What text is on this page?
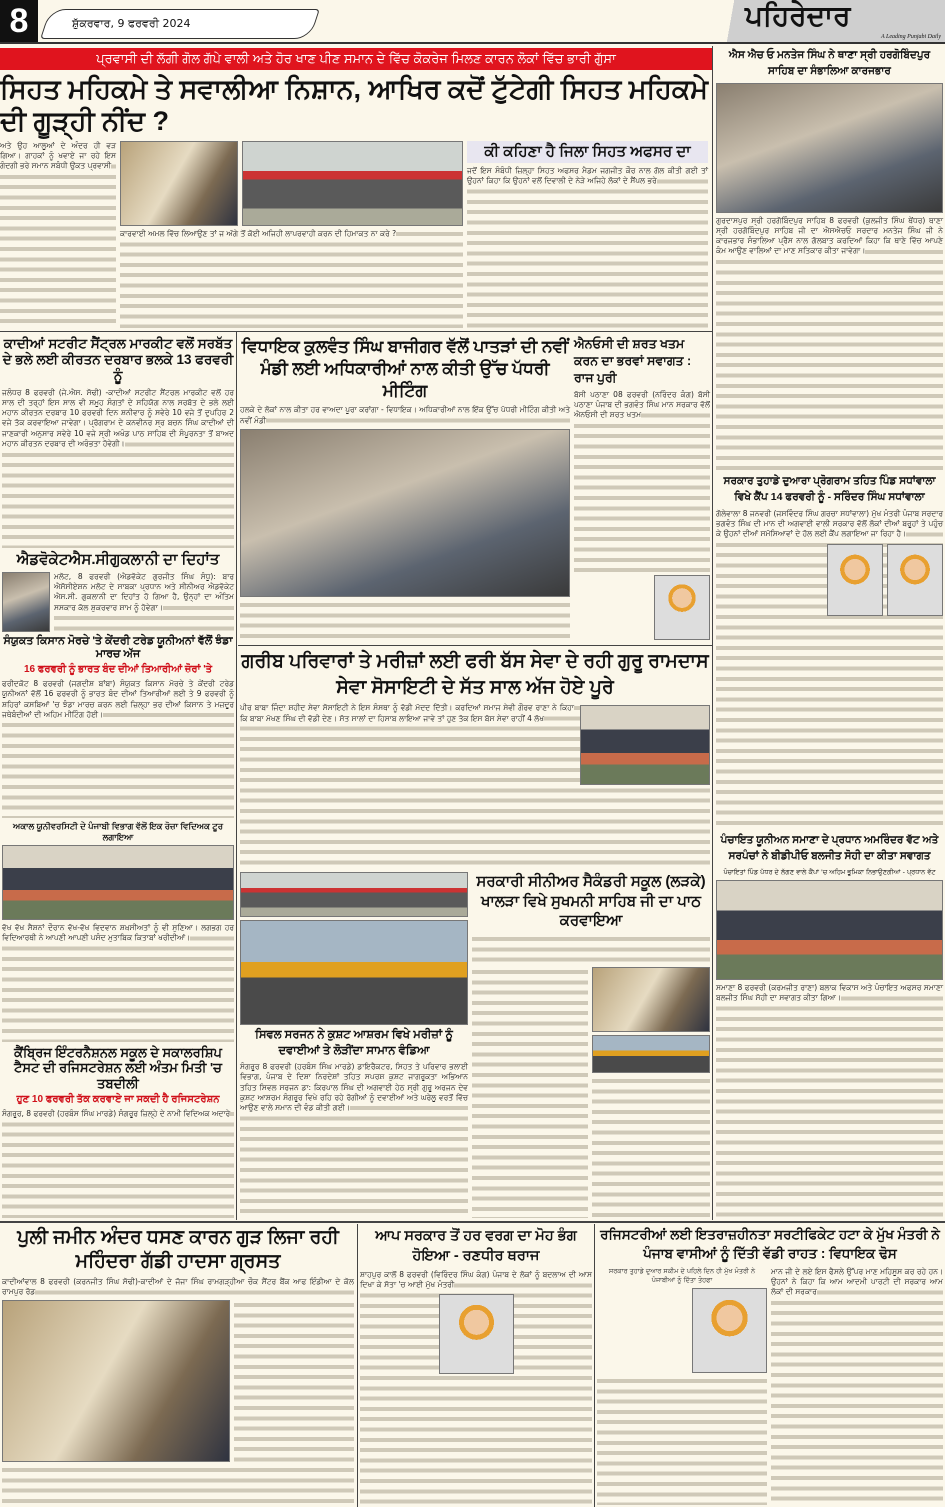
8	ਸ਼ੁੱਕਰਵਾਰ, 9 ਫਰਵਰੀ 2024	ਪਹਿਰੇਦਾਰ
A Leading Punjabi Daily
ਪ੍ਰਵਾਸੀ ਦੀ ਲੱਗੀ ਗੋਲ ਗੱਪੇ ਵਾਲੀ ਅਤੇ ਹੋਰ ਖਾਣ ਪੀਣ ਸਮਾਨ ਦੇ ਵਿੱਚ ਕੋਕਰੇਜ ਮਿਲਣ ਕਾਰਨ ਲੋਕਾਂ ਵਿੱਚ ਭਾਰੀ ਗੁੱਸਾ
ਸਿਹਤ ਮਹਿਕਮੇ ਤੇ ਸਵਾਲੀਆ ਨਿਸ਼ਾਨ, ਆਖਿਰ ਕਦੋਂ ਟੁੱਟੇਗੀ ਸਿਹਤ ਮਹਿਕਮੇ ਦੀ ਗੂੜ੍ਹੀ ਨੀਂਦ ?
ਅਤੇ ਉਹ ਆਲੂਆਂ ਦੇ ਅੰਦਰ ਹੀ ਵੜ ਗਿਆ। ਗਾਹਕਾਂ ਨੂੰ ਖਵਾਏ ਜਾ ਰਹੇ ਇਸ ਗੰਦਗੀ ਭਰੇ ਸਮਾਨ ਸਬੰਧੀ ਉਕਤ ਪ੍ਰਵਾਸੀ
ਕਾਰਵਾਈ ਅਮਲ ਵਿੱਚ ਲਿਆਉਣ ਤਾਂ ਜ ਅੱਗੇ ਤੋਂ ਕੋਈ ਅਜਿਹੀ ਲਾਪਰਵਾਹੀ ਕਰਨ ਦੀ ਹਿਮਾਕਤ ਨਾ ਕਰੇ ?
ਕੀ ਕਹਿਣਾ ਹੈ ਜਿਲਾ ਸਿਹਤ ਅਫਸਰ ਦਾ
ਜਦੋਂ ਇਸ ਸੰਬੰਧੀ ਜ਼ਿਲ੍ਹਾ ਸਿਹਤ ਅਫਸਰ ਮੈਡਮ ਜਗਜੀਤ ਕੌਰ ਨਾਲ ਗੱਲ ਕੀਤੀ ਗਈ ਤਾਂ ਉਹਨਾਂ ਕਿਹਾ ਕਿ ਉਹਨਾਂ ਵਲੋਂ ਦਿਵਾਲੀ ਦੇ ਨੇੜੇ ਅਜਿਹੇ ਲੋਕਾਂ ਦੇ ਸੈਂਪਲ ਭਰੇ
ਕਾਦੀਆਂ ਸਟਰੀਟ ਸੈਂਟ੍ਰਲ ਮਾਰਕੀਟ ਵਲੋਂ ਸਰਬੱਤ ਦੇ ਭਲੇ ਲਈ ਕੀਰਤਨ ਦਰਬਾਰ ਭਲਕੇ 13 ਫਰਵਰੀ ਨੂੰ
ਜਲੰਧਰ 8 ਫਰਵਰੀ (ਜੇ.ਐਸ. ਸੋਢੀ) -ਕਾਦੀਆਂ ਸਟਰੀਟ ਸੈਂਟਰਲ ਮਾਰਕੀਟ ਵਲੋਂ ਹਰ ਸਾਲ ਦੀ ਤਰ੍ਹਾਂ ਇਸ ਸਾਲ ਵੀ ਸਮੂਹ ਸੰਗਤਾਂ ਦੇ ਸਹਿਯੋਗ ਨਾਲ ਸਰਬੱਤ ਦੇ ਭਲੇ ਲਈ ਮਹਾਨ ਕੀਰਤਨ ਦਰਬਾਰ 10 ਫਰਵਰੀ ਦਿਨ ਸ਼ਨੀਵਾਰ ਨੂੰ ਸਵੇਰੇ 10 ਵਜੇ ਤੋਂ ਦੁਪਹਿਰ 2 ਵਜੇ ਤੱਕ ਕਰਵਾਇਆ ਜਾਵੇਗਾ। ਪ੍ਰੋਗਰਾਮ ਦੇ ਕਨਵੀਨਰ ਸ੍ਰ ਬਚਨ ਸਿੰਘ ਕਾਦੀਆਂ ਦੀ ਜਾਣਕਾਰੀ ਅਨੁਸਾਰ ਸਵੇਰੇ 10 ਵਜੇ ਸ੍ਰੀ ਅਖੰਡ ਪਾਠ ਸਾਹਿਬ ਦੀ ਸੰਪੂਰਨਤਾ ਤੋਂ ਬਾਅਦ ਮਹਾਨ ਕੀਰਤਨ ਦਰਬਾਰ ਦੀ ਅਰੰਭਤਾ ਹੋਵੇਗੀ।
ਐਡਵੋਕੇਟਐਸ.ਸੀਗੁਕਲਾਨੀ ਦਾ ਦਿਹਾਂਤ
ਮਲੋਟ, 8 ਫਰਵਰੀ (ਐਡਵੋਕੇਟ ਗੁਰਜੀਤ ਸਿੰਘ ਸੰਧੂ): ਬਾਰ ਐਸੋਸੀਏਸ਼ਨ ਮਲੋਟ ਦੇ ਸਾਬਕਾ ਪ੍ਰਧਾਨ ਅਤੇ ਸੀਨੀਅਰ ਐਡਵੋਕੇਟ ਐਸ.ਸੀ. ਗੁਕਲਾਨੀ ਦਾ ਦਿਹਾਂਤ ਹੋ ਗਿਆ ਹੈ, ਉਨ੍ਹਾਂ ਦਾ ਅੰਤਿਮ ਸਸਕਾਰ ਕੱਲ ਸ਼ੁਕਰਵਾਰ ਸ਼ਾਮ ਨੂੰ ਹੋਵੇਗਾ।
ਸੰਯੁਕਤ ਕਿਸਾਨ ਮੋਰਚੇ 'ਤੇ ਕੇਂਦਰੀ ਟਰੇਡ ਯੂਨੀਅਨਾਂ ਵੱਲੋਂ ਝੰਡਾ ਮਾਰਚ ਅੱਜ
16 ਫਰਵਰੀ ਨੂੰ ਭਾਰਤ ਬੰਦ ਦੀਆਂ ਤਿਆਰੀਆਂ ਜ਼ੋਰਾਂ 'ਤੇ
ਫਰੀਦਕੋਟ 8 ਫਰਵਰੀ (ਜਗਦੀਸ਼ ਬਾਂਬਾ) ਸੰਯੁਕਤ ਕਿਸਾਨ ਮੋਰਚੇ ਤੇ ਕੇਂਦਰੀ ਟਰੇਡ ਯੂਨੀਅਨਾਂ ਵੱਲੋਂ 16 ਫਰਵਰੀ ਨੂੰ ਭਾਰਤ ਬੰਦ ਦੀਆਂ ਤਿਆਰੀਆਂ ਲਈ ਤੇ 9 ਫਰਵਰੀ ਨੂੰ ਸ਼ਹਿਰਾਂ ਕਸਬਿਆਂ 'ਚ ਝੰਡਾ ਮਾਰਚ ਕਰਨ ਲਈ ਜ਼ਿਲ੍ਹਾ ਭਰ ਦੀਆਂ ਕਿਸਾਨ ਤੇ ਮਜ਼ਦੂਰ ਜਥੇਬੰਦੀਆਂ ਦੀ ਅਹਿਮ ਮੀਟਿੰਗ ਹੋਈ।
ਅਕਾਲ ਯੂਨੀਵਰਸਿਟੀ ਦੇ ਪੰਜਾਬੀ ਵਿਭਾਗ ਵੱਲੋਂ ਇਕ ਰੋਜ਼ਾ ਵਿਦਿਅਕ ਟੂਰ ਲਗਾਇਆ
ਵੱਖ ਵੱਖ ਸੈਸ਼ਨਾਂ ਦੌਰਾਨ ਵੱਖ-ਵੱਖ ਵਿਦਵਾਨ ਸ਼ਖ਼ਸੀਅਤਾਂ ਨੂੰ ਵੀ ਸੁਣਿਆ। ਲਗਭਗ ਹਰ ਵਿਦਿਆਰਥੀ ਨੇ ਆਪਣੀ ਆਪਣੀ ਪਸੰਦ ਮੁਤਾਬਿਕ ਕਿਤਾਬਾਂ ਖਰੀਦੀਆਂ।
ਕੈਂਬ੍ਰਿਜ ਇੰਟਰਨੈਸ਼ਨਲ ਸਕੂਲ ਦੇ ਸਕਾਲਰਸ਼ਿਪ ਟੈਸਟ ਦੀ ਰਜਿਸਟਰੇਸ਼ਨ ਲਈ ਅੰਤਮ ਮਿਤੀ 'ਚ ਤਬਦੀਲੀ
ਹੁਣ 10 ਫਰਵਰੀ ਤੱਕ ਕਰਵਾਏ ਜਾ ਸਕਦੀ ਹੈ ਰਜਿਸਟਰੇਸ਼ਨ
ਸੰਗਰੂਰ, 8 ਫਰਵਰੀ (ਹਰਬੰਸ ਸਿੰਘ ਮਾਰਡੇ) ਸੰਗਰੂਰ ਜ਼ਿਲ੍ਹੇ ਦੇ ਨਾਮੀ ਵਿਦਿਅਕ ਅਦਾਰੇ
ਵਿਧਾਇਕ ਕੁਲਵੰਤ ਸਿੰਘ ਬਾਜੀਗਰ ਵੱਲੋਂ ਪਾਤੜਾਂ ਦੀ ਨਵੀਂ ਮੰਡੀ ਲਈ ਅਧਿਕਾਰੀਆਂ ਨਾਲ ਕੀਤੀ ਉੱਚ ਪੱਧਰੀ ਮੀਟਿੰਗ
ਹਲਕੇ ਦੇ ਲੋਕਾਂ ਨਾਲ ਕੀਤਾ ਹਰ ਵਾਅਦਾ ਪੂਰਾ ਕਰਾਂਗਾ - ਵਿਧਾਇਕ। ਅਧਿਕਾਰੀਆਂ ਨਾਲ ਇੱਕ ਉੱਚ ਪੱਧਰੀ ਮੀਟਿੰਗ ਕੀਤੀ ਅਤੇ ਨਵੀਂ ਮੰਡੀ
ਐਨਓਸੀ ਦੀ ਸ਼ਰਤ ਖਤਮ ਕਰਨ ਦਾ ਭਰਵਾਂ ਸਵਾਗਤ : ਰਾਜ ਪੁਰੀ
ਬੱਸੀ ਪਠਾਣਾ 08 ਫਰਵਰੀ (ਨਰਿੰਦਰ ਕੰਗ) ਬੱਸੀ ਪਠਾਣਾ ਪੰਜਾਬ ਦੀ ਭਗਵੰਤ ਸਿੰਘ ਮਾਨ ਸਰਕਾਰ ਵੱਲੋਂ ਐਨਓਸੀ ਦੀ ਸ਼ਰਤ ਖਤਮ
ਗਰੀਬ ਪਰਿਵਾਰਾਂ ਤੇ ਮਰੀਜ਼ਾਂ ਲਈ ਫਰੀ ਬੱਸ ਸੇਵਾ ਦੇ ਰਹੀ ਗੁਰੂ ਰਾਮਦਾਸ ਸੇਵਾ ਸੋਸਾਇਟੀ ਦੇ ਸੱਤ ਸਾਲ ਅੱਜ ਹੋਏ ਪੂਰੇ
ਪੀਰ ਬਾਬਾ ਜਿੰਦਾ ਸ਼ਹੀਦ ਸੇਵਾ ਸੋਸਾਇਟੀ ਨੇ ਇਸ ਸੰਸਥਾ ਨੂੰ ਵੱਡੀ ਮੱਦਦ ਦਿੱਤੀ। ਕਰਦਿਆਂ ਸਮਾਜ ਸੇਵੀ ਗੌਰਵ ਰਾਣਾ ਨੇ ਕਿਹਾ ਕਿ ਬਾਬਾ ਮੱਖਣ ਸਿੰਘ ਦੀ ਵੱਡੀ ਦੇਣ। ਸੱਤ ਸਾਲਾਂ ਦਾ ਹਿਸਾਬ ਲਾਇਆ ਜਾਵੇ ਤਾਂ ਹੁਣ ਤੱਕ ਇਸ ਬੱਸ ਸੇਵਾ ਰਾਹੀਂ 4 ਲੱਖ
ਸਿਵਲ ਸਰਜਨ ਨੇ ਕੁਸ਼ਟ ਆਸ਼ਰਮ ਵਿਖੇ ਮਰੀਜ਼ਾਂ ਨੂੰ ਦਵਾਈਆਂ ਤੇ ਲੋੜੀਂਦਾ ਸਾਮਾਨ ਵੰਡਿਆ
ਸੰਗਰੂਰ 8 ਫਰਵਰੀ (ਹਰਬੰਸ ਸਿੰਘ ਮਾਰਡੇ) ਡਾਇਰੈਕਟਰ, ਸਿਹਤ ਤੇ ਪਰਿਵਾਰ ਭਲਾਈ ਵਿਭਾਗ, ਪੰਜਾਬ ਦੇ ਦਿਸ਼ਾ ਨਿਰਦੇਸ਼ਾਂ ਤਹਿਤ ਸਪਰਸ਼ ਕੁਸ਼ਟ ਜਾਗਰੂਕਤਾ ਅਭਿਆਨ ਤਹਿਤ ਸਿਵਲ ਸਰਜਨ ਡਾ: ਕਿਰਪਾਲ ਸਿੰਘ ਦੀ ਅਗਵਾਈ ਹੇਠ ਸ੍ਰੀ ਗੁਰੂ ਅਰਜਨ ਦੇਵ ਕੁਸ਼ਟ ਆਸ਼ਰਮ ਸੰਗਰੂਰ ਵਿਖੇ ਰਹਿ ਰਹੇ ਰੋਗੀਆਂ ਨੂੰ ਦਵਾਈਆਂ ਅਤੇ ਘਰੇਲੂ ਵਰਤੋਂ ਵਿੱਚ ਆਉਣ ਵਾਲੇ ਸਮਾਨ ਦੀ ਵੰਡ ਕੀਤੀ ਗਈ।
ਸਰਕਾਰੀ ਸੀਨੀਅਰ ਸੈਕੰਡਰੀ ਸਕੂਲ (ਲੜਕੇ) ਖਾਲੜਾ ਵਿਖੇ ਸੁਖਮਨੀ ਸਾਹਿਬ ਜੀ ਦਾ ਪਾਠ ਕਰਵਾਇਆ
ਐਸ ਐਚ ਓ ਮਨਤੇਜ ਸਿੰਘ ਨੇ ਥਾਣਾ ਸ੍ਰੀ ਹਰਗੋਬਿੰਦਪੁਰ ਸਾਹਿਬ ਦਾ ਸੰਭਾਲਿਆ ਕਾਰਜਭਾਰ
ਗੁਰਦਾਸਪੁਰ ਸ੍ਰੀ ਹਰਗੋਬਿੰਦਪੁਰ ਸਾਹਿਬ 8 ਫਰਵਰੀ (ਕੁਲਜੀਤ ਸਿੰਘ ਥੇਂਧਰ) ਥਾਣਾ ਸ੍ਰੀ ਹਰਗੋਬਿੰਦਪੁਰ ਸਾਹਿਬ ਜੀ ਦਾ ਐਸਐਚਓ ਸਰਦਾਰ ਮਨਤੇਜ ਸਿੰਘ ਜੀ ਨੇ ਕਾਰਜਭਾਰ ਸੰਭਾਲਿਆ ਪ੍ਰੈਸ ਨਾਲ ਗੱਲਬਾਤ ਕਰਦਿਆਂ ਕਿਹਾ ਕਿ ਥਾਣੇ ਵਿੱਚ ਆਪਣੇ ਕੰਮ ਆਉਣ ਵਾਲਿਆਂ ਦਾ ਮਾਣ ਸਤਿਕਾਰ ਕੀਤਾ ਜਾਵੇਗਾ।
ਸਰਕਾਰ ਤੁਹਾਡੇ ਦੁਆਰਾ ਪ੍ਰੋਗਰਾਮ ਤਹਿਤ ਪਿੰਡ ਸਧਾਂਵਾਲਾ ਵਿਖੇ ਕੈਂਪ 14 ਫਰਵਰੀ ਨੂੰ - ਸਰਿੰਦਰ ਸਿੰਘ ਸਧਾਂਵਾਲਾ
ਗੋਲੇਵਾਲਾ 8 ਜਨਵਰੀ (ਜਸਵਿੰਦਰ ਸਿੰਘ ਗਰਚਾ ਸਧਾਂਵਾਲਾ) ਮੁੱਖ ਮੰਤਰੀ ਪੰਜਾਬ ਸਰਦਾਰ ਭਗਵੰਤ ਸਿੰਘ ਦੀ ਮਾਨ ਦੀ ਅਗਵਾਈ ਵਾਲੀ ਸਰਕਾਰ ਵੱਲੋਂ ਲੋਕਾਂ ਦੀਆਂ ਬਰੂਹਾਂ ਤੇ ਪਹੁੰਚ ਕੇ ਉਹਨਾਂ ਦੀਆਂ ਸਮੱਸਿਆਵਾਂ ਦੇ ਹੱਲ ਲਈ ਕੈਂਪ ਲਗਾਇਆ ਜਾ ਰਿਹਾ ਹੈ।
ਪੰਚਾਇਤ ਯੂਨੀਅਨ ਸਮਾਣਾ ਦੇ ਪ੍ਰਧਾਨ ਅਮਰਿੰਦਰ ਵੱਟ ਅਤੇ ਸਰਪੰਚਾਂ ਨੇ ਬੀਡੀਪੀਓ ਬਲਜੀਤ ਸੋਹੀ ਦਾ ਕੀਤਾ ਸਵਾਗਤ
ਪੰਚਾਇਤਾਂ ਪਿੰਡ ਪੱਧਰ ਦੇ ਲੱਗਣ ਵਾਲੇ ਕੈਂਪਾਂ 'ਚ ਅਹਿਮ ਭੂਮਿਕਾ ਨਿਭਾਉਣਗੀਆਂ - ਪ੍ਰਧਾਨ ਵੱਟ
ਸਮਾਣਾ 8 ਫਰਵਰੀ (ਕਰਮਜੀਤ ਰਾਣਾ) ਬਲਾਕ ਵਿਕਾਸ ਅਤੇ ਪੰਚਾਇਤ ਅਫਸਰ ਸਮਾਣਾ ਬਲਜੀਤ ਸਿੰਘ ਸੋਹੀ ਦਾ ਸਵਾਗਤ ਕੀਤਾ ਗਿਆ।
ਪੁਲੀ ਜਮੀਨ ਅੰਦਰ ਧਸਣ ਕਾਰਨ ਗੁੜ ਲਿਜਾ ਰਹੀ ਮਹਿੰਦਰਾ ਗੱਡੀ ਹਾਦਸਾ ਗ੍ਰਸਤ
ਕਾਦੀਆਂਵਾਲ 8 ਫਰਵਰੀ (ਕਰਨਜੀਤ ਸਿੰਘ ਸੋਢੀ)-ਕਾਦੀਆਂ ਦੇ ਜੱਜਾ ਸਿੰਘ ਰਾਮਗੜ੍ਹੀਆ ਚੌਕ ਸੈਂਟਰ ਬੈਂਕ ਆਫ ਇੰਡੀਆ ਦੇ ਕੋਲ ਰਾਮਪੁਰ ਰੋਡ
ਆਪ ਸਰਕਾਰ ਤੋਂ ਹਰ ਵਰਗ ਦਾ ਮੋਹ ਭੰਗ ਹੋਇਆ - ਰਣਧੀਰ ਥਰਾਜ
ਸ਼ਾਹਪੁਰ ਕਾਲੋਂ 8 ਫਰਵਰੀ (ਵਿਰਿੰਦਰ ਸਿੰਘ ਕੰਗ) ਪੰਜਾਬ ਦੇ ਲੋਕਾਂ ਨੂੰ ਬਦਲਾਅ ਦੀ ਆਸ ਦਿਖਾ ਕੇ ਸੱਤਾ 'ਚ ਆਈ ਮੁੱਖ ਮੰਤਰੀ
ਰਜਿਸਟਰੀਆਂ ਲਈ ਇਤਰਾਜ਼ਹੀਨਤਾ ਸਰਟੀਫਿਕੇਟ ਹਟਾ ਕੇ ਮੁੱਖ ਮੰਤਰੀ ਨੇ ਪੰਜਾਬ ਵਾਸੀਆਂ ਨੂੰ ਦਿੱਤੀ ਵੱਡੀ ਰਾਹਤ : ਵਿਧਾਇਕ ਢੋਸ
ਸਰਕਾਰ ਤੁਹਾਡੇ ਦੁਆਰ ਸਕੀਮ ਦੇ ਪਹਿਲੇ ਦਿਨ ਹੀ ਮੁੱਖ ਮੰਤਰੀ ਨੇ ਪੰਜਾਬੀਆਂ ਨੂੰ ਦਿੱਤਾ ਤੋਹਫਾ
ਮਾਨ ਜੀ ਦੇ ਲਏ ਇਸ ਫੈਸਲੇ ਉੱਪਰ ਮਾਣ ਮਹਿਸੂਸ ਕਰ ਰਹੇ ਹਨ। ਉਹਨਾਂ ਨੇ ਕਿਹਾ ਕਿ ਆਮ ਆਦਮੀ ਪਾਰਟੀ ਦੀ ਸਰਕਾਰ ਆਮ ਲੋਕਾਂ ਦੀ ਸਰਕਾਰ
